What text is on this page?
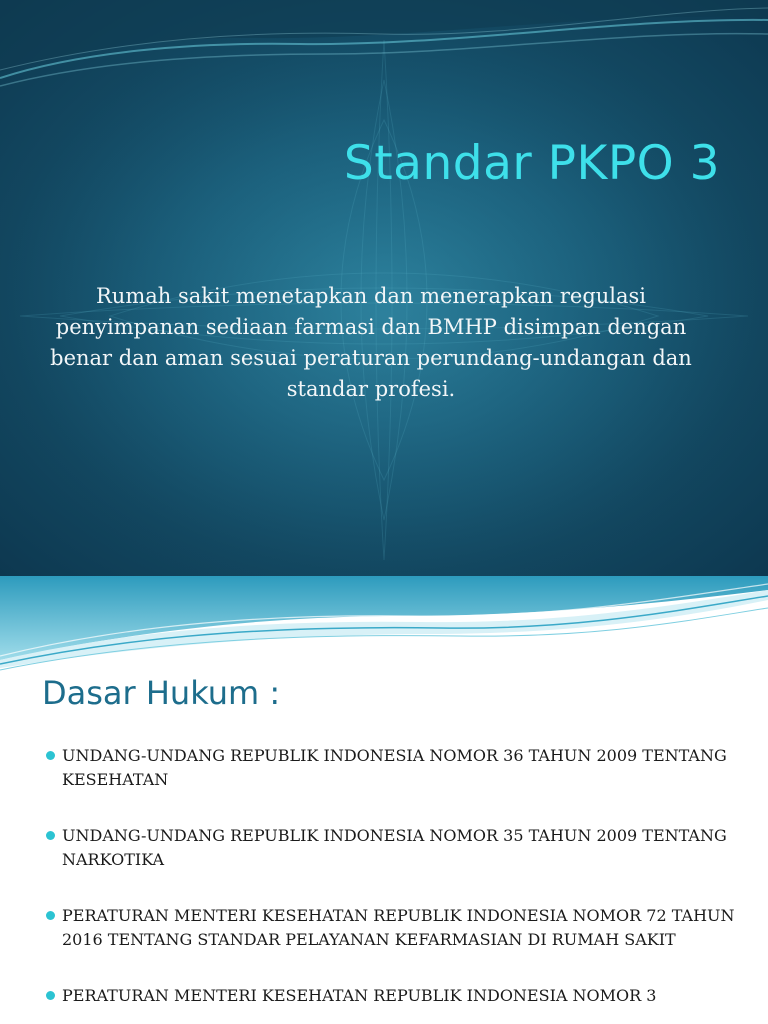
Standar PKPO 3
Rumah sakit menetapkan dan menerapkan regulasi penyimpanan sediaan farmasi dan BMHP disimpan dengan benar dan aman sesuai peraturan perundang-undangan dan standar profesi.
Dasar Hukum :
UNDANG-UNDANG REPUBLIK INDONESIA NOMOR 36 TAHUN 2009 TENTANG KESEHATAN
UNDANG-UNDANG REPUBLIK INDONESIA NOMOR 35 TAHUN 2009 TENTANG NARKOTIKA
PERATURAN MENTERI KESEHATAN REPUBLIK INDONESIA NOMOR 72 TAHUN 2016 TENTANG STANDAR PELAYANAN KEFARMASIAN DI RUMAH SAKIT
PERATURAN MENTERI KESEHATAN REPUBLIK INDONESIA NOMOR 3
